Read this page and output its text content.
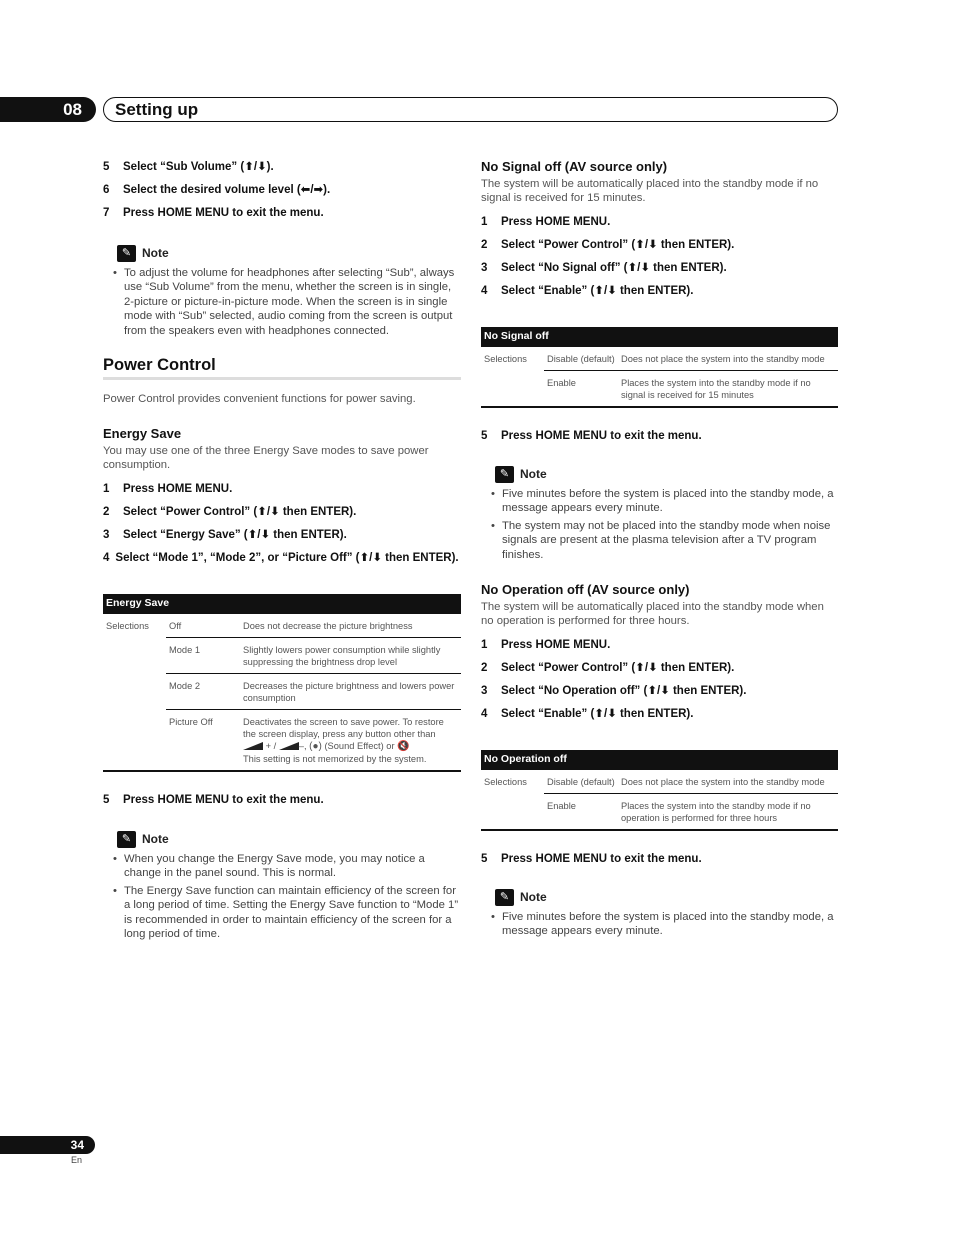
08	Setting up

5 Select “Sub Volume” (⬆/⬇).

6 Select the desired volume level (⬅/➡).

7 Press HOME MENU to exit the menu.

✎ Note
• To adjust the volume for headphones after selecting “Sub”, always use “Sub Volume” from the menu, whether the screen is in single, 2-picture or picture-in-picture mode. When the screen is in single mode with “Sub” selected, audio coming from the screen is output from the speakers even with headphones connected.
Power Control

Power Control provides convenient functions for power saving.

Energy Save

You may use one of the three Energy Save modes to save power consumption.

1 Press HOME MENU.

2 Select “Power Control” (⬆/⬇ then ENTER).

3 Select “Energy Save” (⬆/⬇ then ENTER).

4 Select “Mode 1”, “Mode 2”, or “Picture Off” (⬆/⬇ then ENTER).

Energy Save		
Selections	Off	Does not decrease the picture brightness
	Mode 1	Slightly lowers power consumption while slightly suppressing the brightness drop level
	Mode 2	Decreases the picture brightness and lowers power consumption
	Picture Off	Deactivates the screen to save power. To restore the screen display, press any button other than
+ / –, (●) (Sound Effect) or 🔇
This setting is not memorized by the system.

5 Press HOME MENU to exit the menu.

✎ Note
• When you change the Energy Save mode, you may notice a change in the panel sound. This is normal.
• The Energy Save function can maintain efficiency of the screen for a long period of time. Setting the Energy Save function to “Mode 1” is recommended in order to maintain efficiency of the screen for a long period of time.

No Signal off (AV source only)

The system will be automatically placed into the standby mode if no signal is received for 15 minutes.

1 Press HOME MENU.

2 Select “Power Control” (⬆/⬇ then ENTER).

3 Select “No Signal off” (⬆/⬇ then ENTER).

4 Select “Enable” (⬆/⬇ then ENTER).

No Signal off		
Selections	Disable (default)	Does not place the system into the standby mode
	Enable	Places the system into the standby mode if no signal is received for 15 minutes

5 Press HOME MENU to exit the menu.

✎ Note
• Five minutes before the system is placed into the standby mode, a message appears every minute.
• The system may not be placed into the standby mode when noise signals are present at the plasma television after a TV program finishes.

No Operation off (AV source only)

The system will be automatically placed into the standby mode when no operation is performed for three hours.

1 Press HOME MENU.

2 Select “Power Control” (⬆/⬇ then ENTER).

3 Select “No Operation off” (⬆/⬇ then ENTER).

4 Select “Enable” (⬆/⬇ then ENTER).

No Operation off		
Selections	Disable (default)	Does not place the system into the standby mode
	Enable	Places the system into the standby mode if no operation is performed for three hours

5 Press HOME MENU to exit the menu.

✎ Note
• Five minutes before the system is placed into the standby mode, a message appears every minute.
34
En
